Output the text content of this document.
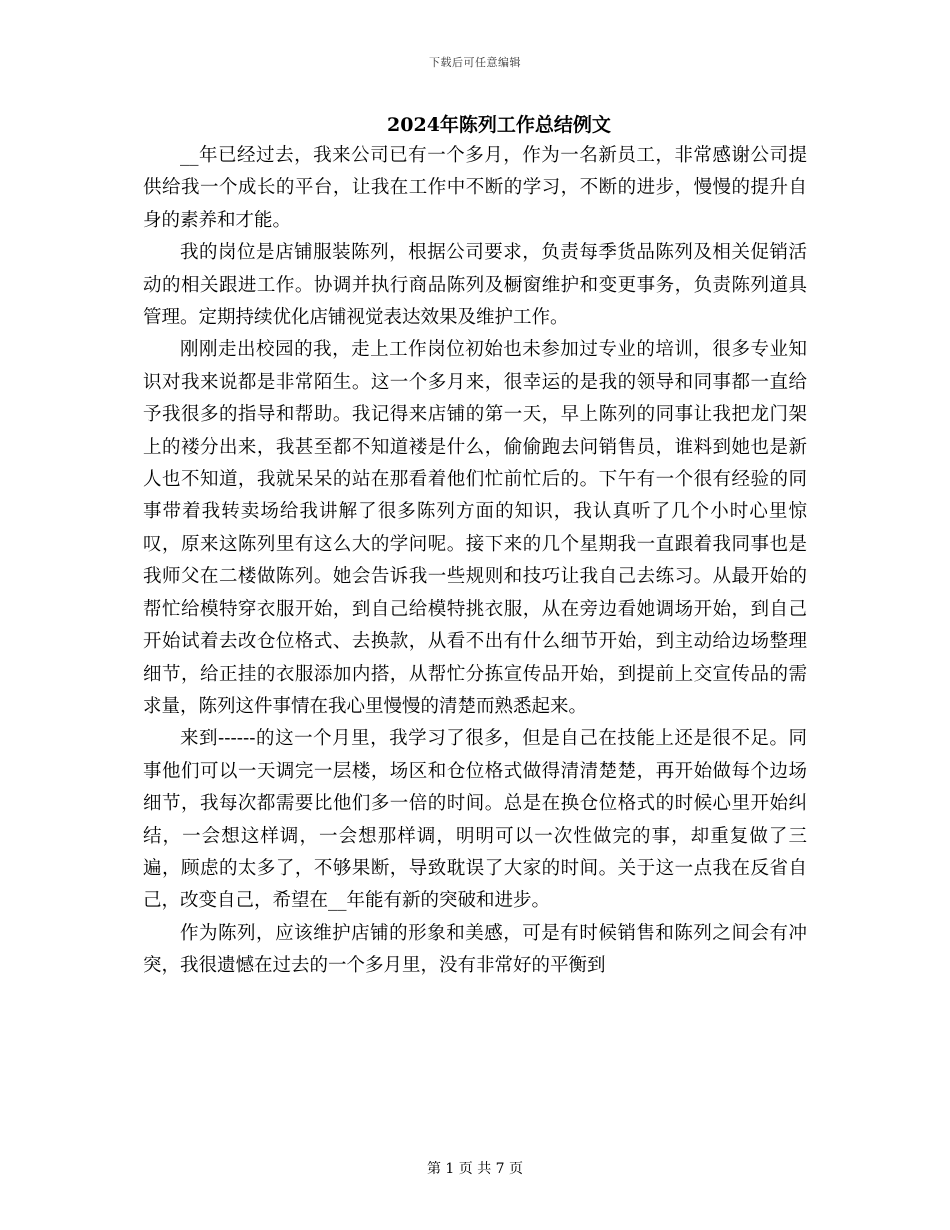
下载后可任意编辑
2024年陈列工作总结例文

__年已经过去，我来公司已有一个多月，作为一名新员工，非常感谢公司提供给我一个成长的平台，让我在工作中不断的学习，不断的进步，慢慢的提升自身的素养和才能。

我的岗位是店铺服装陈列，根据公司要求，负责每季货品陈列及相关促销活动的相关跟进工作。协调并执行商品陈列及橱窗维护和变更事务，负责陈列道具管理。定期持续优化店铺视觉表达效果及维护工作。

刚刚走出校园的我，走上工作岗位初始也未参加过专业的培训，很多专业知识对我来说都是非常陌生。这一个多月来，很幸运的是我的领导和同事都一直给予我很多的指导和帮助。我记得来店铺的第一天，早上陈列的同事让我把龙门架上的褛分出来，我甚至都不知道褛是什么，偷偷跑去问销售员，谁料到她也是新人也不知道，我就呆呆的站在那看着他们忙前忙后的。下午有一个很有经验的同事带着我转卖场给我讲解了很多陈列方面的知识，我认真听了几个小时心里惊叹，原来这陈列里有这么大的学问呢。接下来的几个星期我一直跟着我同事也是我师父在二楼做陈列。她会告诉我一些规则和技巧让我自己去练习。从最开始的帮忙给模特穿衣服开始，到自己给模特挑衣服，从在旁边看她调场开始，到自己开始试着去改仓位格式、去换款，从看不出有什么细节开始，到主动给边场整理细节，给正挂的衣服添加内搭，从帮忙分拣宣传品开始，到提前上交宣传品的需求量，陈列这件事情在我心里慢慢的清楚而熟悉起来。

来到------的这一个月里，我学习了很多，但是自己在技能上还是很不足。同事他们可以一天调完一层楼，场区和仓位格式做得清清楚楚，再开始做每个边场细节，我每次都需要比他们多一倍的时间。总是在换仓位格式的时候心里开始纠结，一会想这样调，一会想那样调，明明可以一次性做完的事，却重复做了三遍，顾虑的太多了，不够果断，导致耽误了大家的时间。关于这一点我在反省自己，改变自己，希望在__年能有新的突破和进步。

作为陈列，应该维护店铺的形象和美感，可是有时候销售和陈列之间会有冲突，我很遗憾在过去的一个多月里，没有非常好的平衡到

第 1 页 共 7 页
